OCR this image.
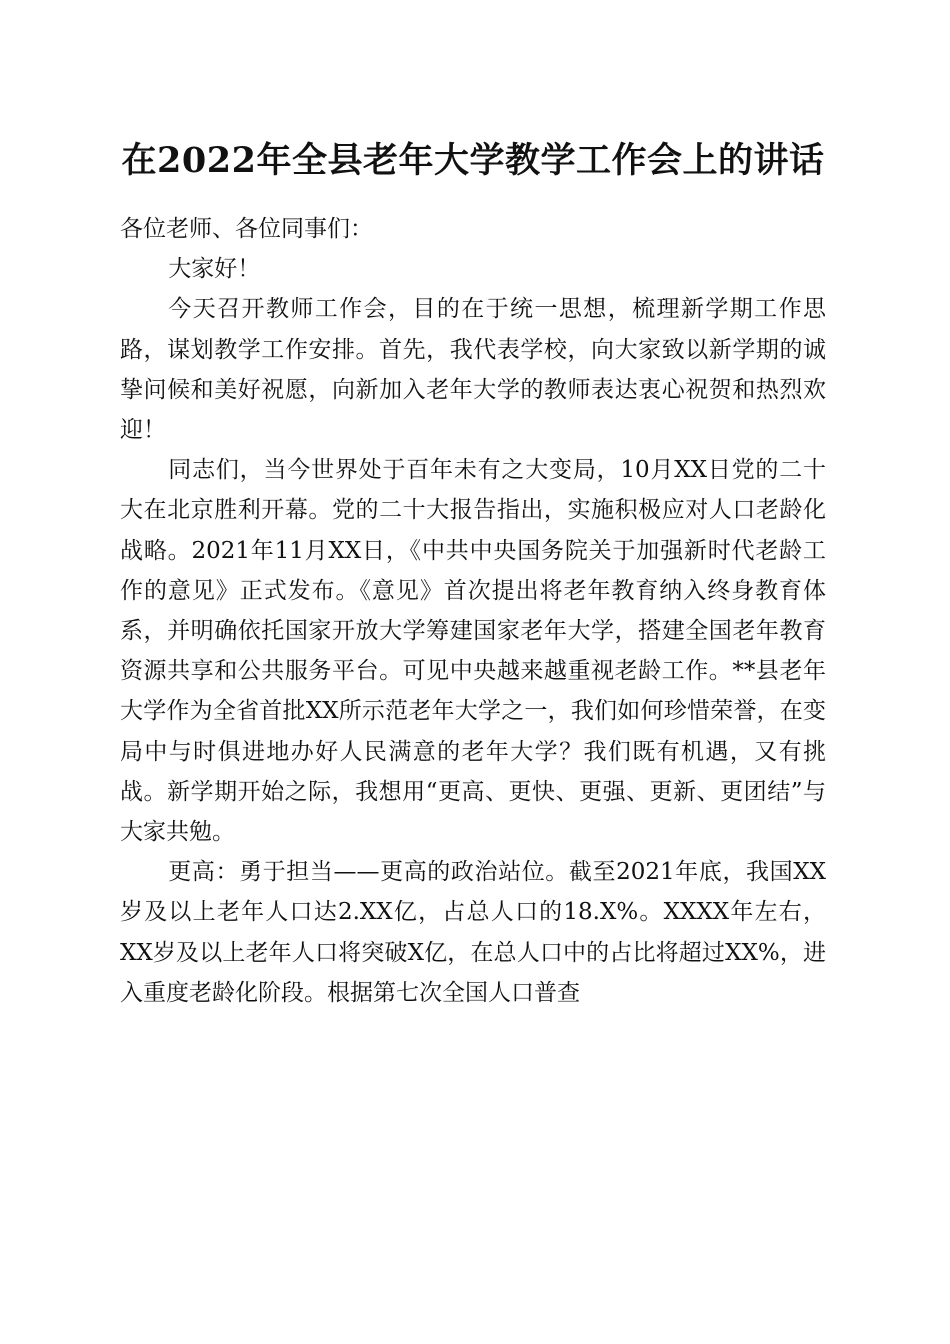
在2022年全县老年大学教学工作会上的讲话

各位老师、各位同事们：

大家好！

今天召开教师工作会，目的在于统一思想，梳理新学期工作思路，谋划教学工作安排。首先，我代表学校，向大家致以新学期的诚挚问候和美好祝愿，向新加入老年大学的教师表达衷心祝贺和热烈欢迎！

同志们，当今世界处于百年未有之大变局，10月XX日党的二十大在北京胜利开幕。党的二十大报告指出，实施积极应对人口老龄化战略。2021年11月XX日，《中共中央国务院关于加强新时代老龄工作的意见》正式发布。《意见》首次提出将老年教育纳入终身教育体系，并明确依托国家开放大学筹建国家老年大学，搭建全国老年教育资源共享和公共服务平台。可见中央越来越重视老龄工作。**县老年大学作为全省首批XX所示范老年大学之一，我们如何珍惜荣誉，在变局中与时俱进地办好人民满意的老年大学？我们既有机遇，又有挑战。新学期开始之际，我想用“更高、更快、更强、更新、更团结”与大家共勉。

更高：勇于担当——更高的政治站位。截至2021年底，我国XX岁及以上老年人口达2.XX亿，占总人口的18.X%。XXXX年左右，XX岁及以上老年人口将突破X亿，在总人口中的占比将超过XX%，进入重度老龄化阶段。根据第七次全国人口普查
